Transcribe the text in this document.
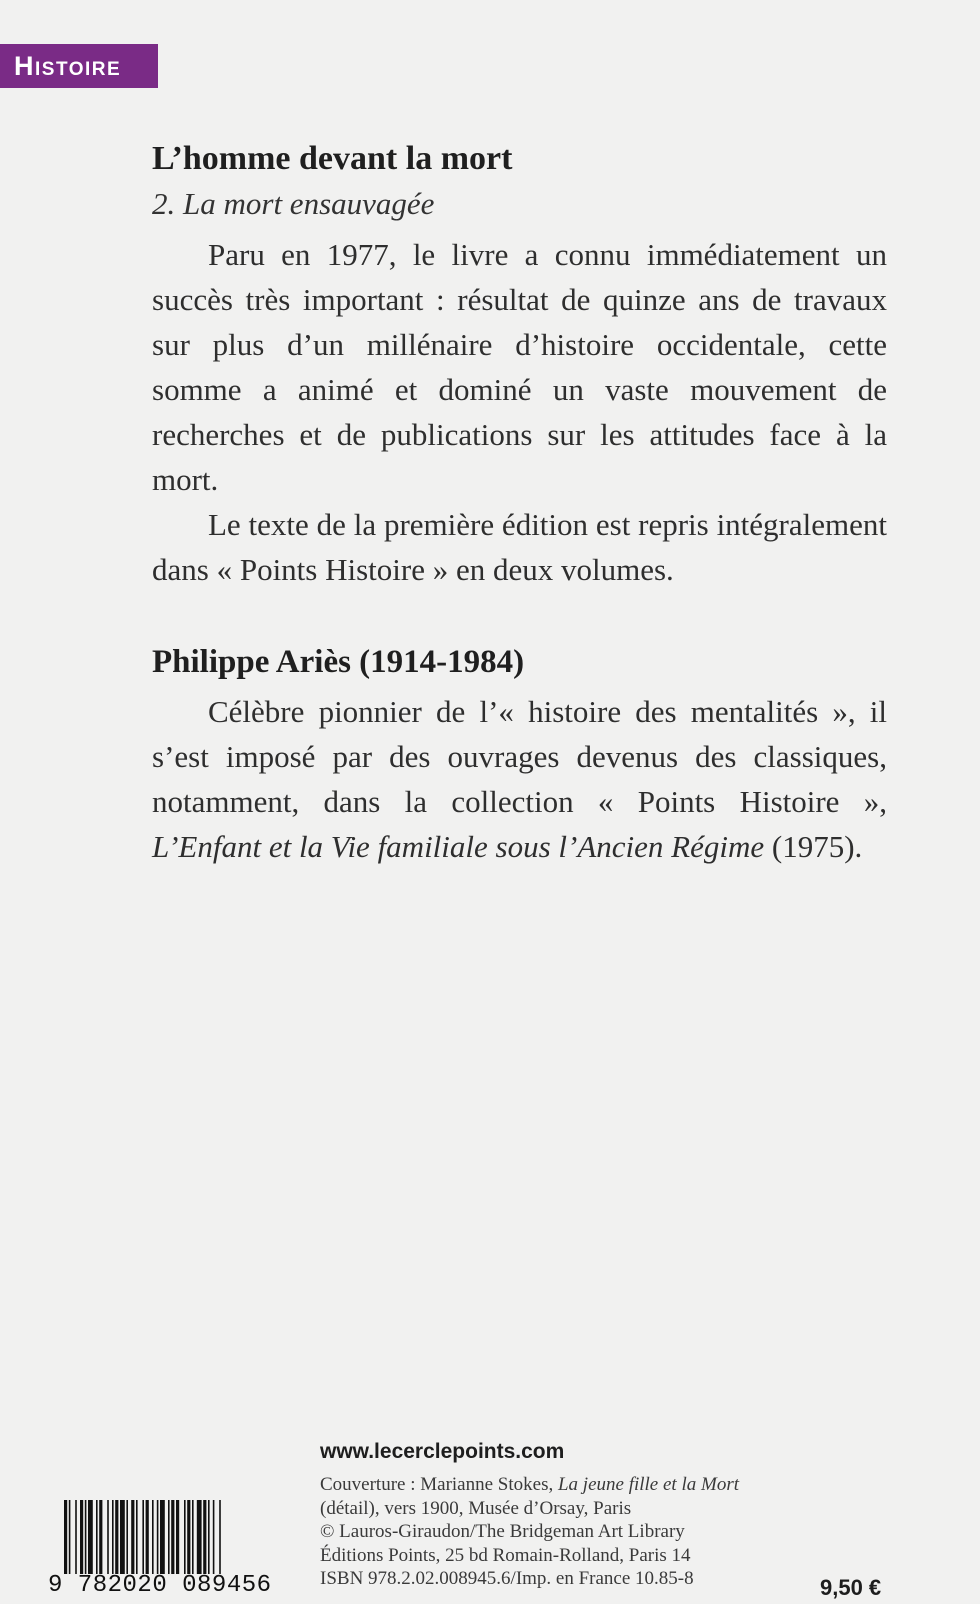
Histoire
L’homme devant la mort
2. La mort ensauvagée

Paru en 1977, le livre a connu immédiatement un succès très important : résultat de quinze ans de travaux sur plus d’un millénaire d’histoire occidentale, cette somme a animé et dominé un vaste mouvement de recherches et de publications sur les attitudes face à la mort.

Le texte de la première édition est repris intégralement dans « Points Histoire » en deux volumes.

Philippe Ariès (1914-1984)

Célèbre pionnier de l’« histoire des mentalités », il s’est imposé par des ouvrages devenus des classiques, notamment, dans la collection « Points Histoire », L’Enfant et la Vie familiale sous l’Ancien Régime (1975).

www.lecerclepoints.com
Couverture : Marianne Stokes, La jeune fille et la Mort
(détail), vers 1900, Musée d’Orsay, Paris
© Lauros-Giraudon/The Bridgeman Art Library
Éditions Points, 25 bd Romain-Rolland, Paris 14
ISBN 978.2.02.008945.6/Imp. en France 10.85-8	9,50 €
9 782020 089456
